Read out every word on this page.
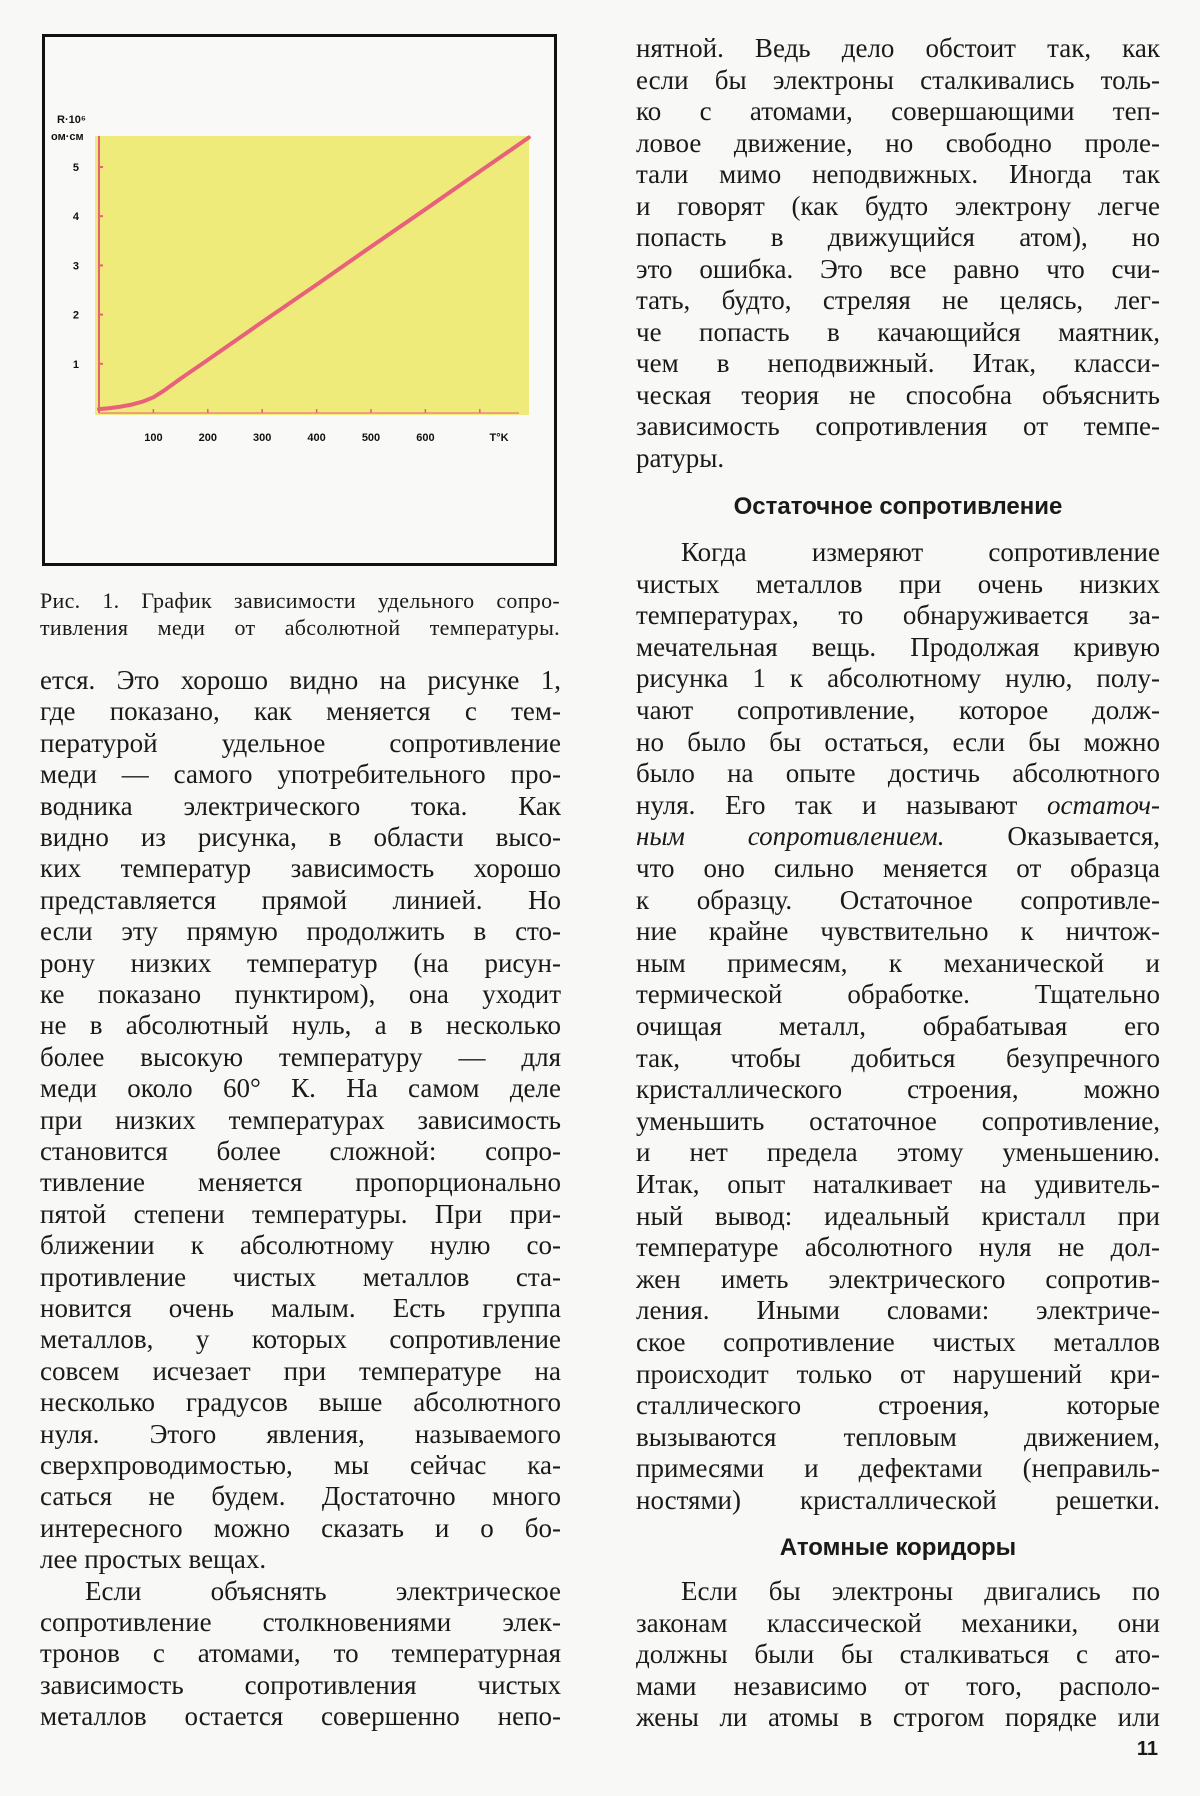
1
2
3
4
5
100	200	300	400	500	600	T°K
R·10⁶
ом·см
Рис. 1. График зависимости удельного сопро-
тивления меди от абсолютной температуры.
ется. Это хорошо видно на рисунке 1,
где показано, как меняется с тем-
пературой удельное сопротивление
меди — самого употребительного про-
водника электрического тока. Как
видно из рисунка, в области высо-
ких температур зависимость хорошо
представляется прямой линией. Но
если эту прямую продолжить в сто-
рону низких температур (на рисун-
ке показано пунктиром), она уходит
не в абсолютный нуль, а в несколько
более высокую температуру — для
меди около 60° К. На самом деле
при низких температурах зависимость
становится более сложной: сопро-
тивление меняется пропорционально
пятой степени температуры. При при-
ближении к абсолютному нулю со-
противление чистых металлов ста-
новится очень малым. Есть группа
металлов, у которых сопротивление
совсем исчезает при температуре на
несколько градусов выше абсолютного
нуля. Этого явления, называемого
сверхпроводимостью, мы сейчас ка-
саться не будем. Достаточно много
интересного можно сказать и о бо-
лее простых вещах.
Если объяснять электрическое
сопротивление столкновениями элек-
тронов с атомами, то температурная
зависимость сопротивления чистых
металлов остается совершенно непо-
Остаточное сопротивление
Атомные коридоры
нятной. Ведь дело обстоит так, как
если бы электроны сталкивались толь-
ко с атомами, совершающими теп-
ловое движение, но свободно проле-
тали мимо неподвижных. Иногда так
и говорят (как будто электрону легче
попасть в движущийся атом), но
это ошибка. Это все равно что счи-
тать, будто, стреляя не целясь, лег-
че попасть в качающийся маятник,
чем в неподвижный. Итак, класси-
ческая теория не способна объяснить
зависимость сопротивления от темпе-
ратуры.
Когда измеряют сопротивление
чистых металлов при очень низких
температурах, то обнаруживается за-
мечательная вещь. Продолжая кривую
рисунка 1 к абсолютному нулю, полу-
чают сопротивление, которое долж-
но было бы остаться, если бы можно
было на опыте достичь абсолютного
нуля. Его так и называют остаточ-
ным сопротивлением. Оказывается,
что оно сильно меняется от образца
к образцу. Остаточное сопротивле-
ние крайне чувствительно к ничтож-
ным примесям, к механической и
термической обработке. Тщательно
очищая металл, обрабатывая его
так, чтобы добиться безупречного
кристаллического строения, можно
уменьшить остаточное сопротивление,
и нет предела этому уменьшению.
Итак, опыт наталкивает на удивитель-
ный вывод: идеальный кристалл при
температуре абсолютного нуля не дол-
жен иметь электрического сопротив-
ления. Иными словами: электриче-
ское сопротивление чистых металлов
происходит только от нарушений кри-
сталлического строения, которые
вызываются тепловым движением,
примесями и дефектами (неправиль-
ностями) кристаллической решетки.
Если бы электроны двигались по
законам классической механики, они
должны были бы сталкиваться с ато-
мами независимо от того, располо-
жены ли атомы в строгом порядке или
11
